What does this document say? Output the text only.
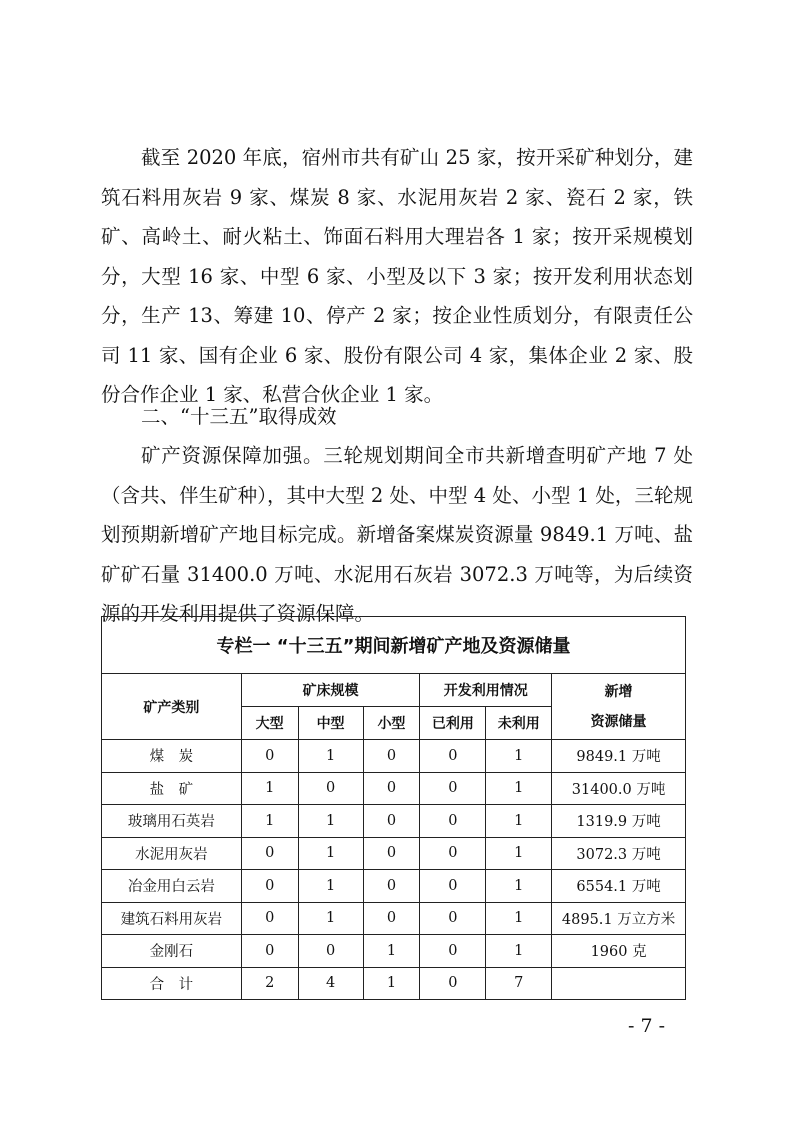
截至 2020 年底，宿州市共有矿山 25 家，按开采矿种划分，建筑石料用灰岩 9 家、煤炭 8 家、水泥用灰岩 2 家、瓷石 2 家，铁矿、高岭土、耐火粘土、饰面石料用大理岩各 1 家；按开采规模划分，大型 16 家、中型 6 家、小型及以下 3 家；按开发利用状态划分，生产 13、筹建 10、停产 2 家；按企业性质划分，有限责任公司 11 家、国有企业 6 家、股份有限公司 4 家，集体企业 2 家、股份合作企业 1 家、私营合伙企业 1 家。

二、“十三五”取得成效

矿产资源保障加强。三轮规划期间全市共新增查明矿产地 7 处（含共、伴生矿种），其中大型 2 处、中型 4 处、小型 1 处，三轮规划预期新增矿产地目标完成。新增备案煤炭资源量 9849.1 万吨、盐矿矿石量 31400.0 万吨、水泥用石灰岩 3072.3 万吨等，为后续资源的开发利用提供了资源保障。

专栏一 “十三五”期间新增矿产地及资源储量						
矿产类别	矿床规模			开发利用情况		新增
资源储量

	大型	中型	小型	已利用	未利用	
煤　炭	0	1	0	0	1	9849.1 万吨
盐　矿	1	0	0	0	1	31400.0 万吨
玻璃用石英岩	1	1	0	0	1	1319.9 万吨
水泥用灰岩	0	1	0	0	1	3072.3 万吨
冶金用白云岩	0	1	0	0	1	6554.1 万吨
建筑石料用灰岩	0	1	0	0	1	4895.1 万立方米
金刚石	0	0	1	0	1	1960 克
合　计	2	4	1	0	7	
- 7 -
